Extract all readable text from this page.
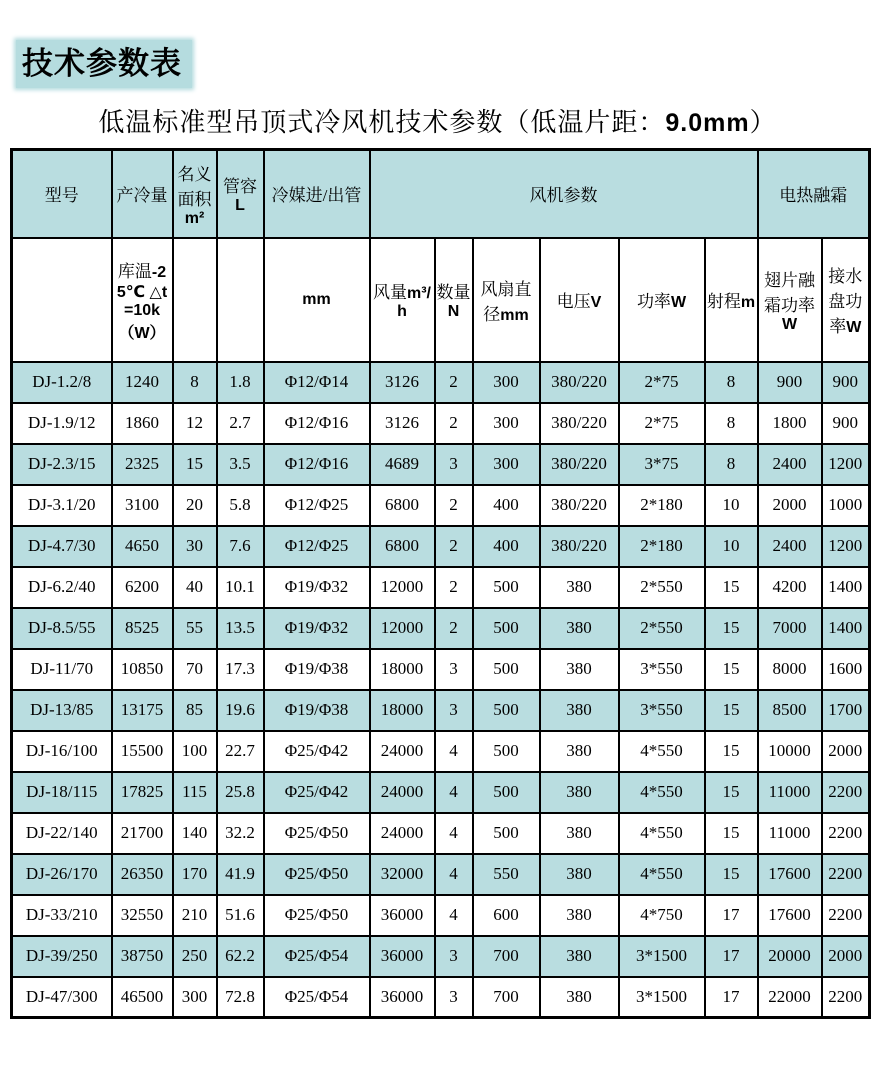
技术参数表
低温标准型吊顶式冷风机技术参数（低温片距：9.0mm）
型号	产冷量	名义面积m²	管容L	冷媒进/出管	风机参数						电热融霜	
	库温-25℃ △t=10k（W）			mm	风量m³/h	数量N	风扇直径mm	电压V	功率W	射程m	翅片融霜功率W	接水盘功率W
DJ-1.2/8	1240	8	1.8	Φ12/Φ14	3126	2	300	380/220	2*75	8	900	900
DJ-1.9/12	1860	12	2.7	Φ12/Φ16	3126	2	300	380/220	2*75	8	1800	900
DJ-2.3/15	2325	15	3.5	Φ12/Φ16	4689	3	300	380/220	3*75	8	2400	1200
DJ-3.1/20	3100	20	5.8	Φ12/Φ25	6800	2	400	380/220	2*180	10	2000	1000
DJ-4.7/30	4650	30	7.6	Φ12/Φ25	6800	2	400	380/220	2*180	10	2400	1200
DJ-6.2/40	6200	40	10.1	Φ19/Φ32	12000	2	500	380	2*550	15	4200	1400
DJ-8.5/55	8525	55	13.5	Φ19/Φ32	12000	2	500	380	2*550	15	7000	1400
DJ-11/70	10850	70	17.3	Φ19/Φ38	18000	3	500	380	3*550	15	8000	1600
DJ-13/85	13175	85	19.6	Φ19/Φ38	18000	3	500	380	3*550	15	8500	1700
DJ-16/100	15500	100	22.7	Φ25/Φ42	24000	4	500	380	4*550	15	10000	2000
DJ-18/115	17825	115	25.8	Φ25/Φ42	24000	4	500	380	4*550	15	11000	2200
DJ-22/140	21700	140	32.2	Φ25/Φ50	24000	4	500	380	4*550	15	11000	2200
DJ-26/170	26350	170	41.9	Φ25/Φ50	32000	4	550	380	4*550	15	17600	2200
DJ-33/210	32550	210	51.6	Φ25/Φ50	36000	4	600	380	4*750	17	17600	2200
DJ-39/250	38750	250	62.2	Φ25/Φ54	36000	3	700	380	3*1500	17	20000	2000
DJ-47/300	46500	300	72.8	Φ25/Φ54	36000	3	700	380	3*1500	17	22000	2200
